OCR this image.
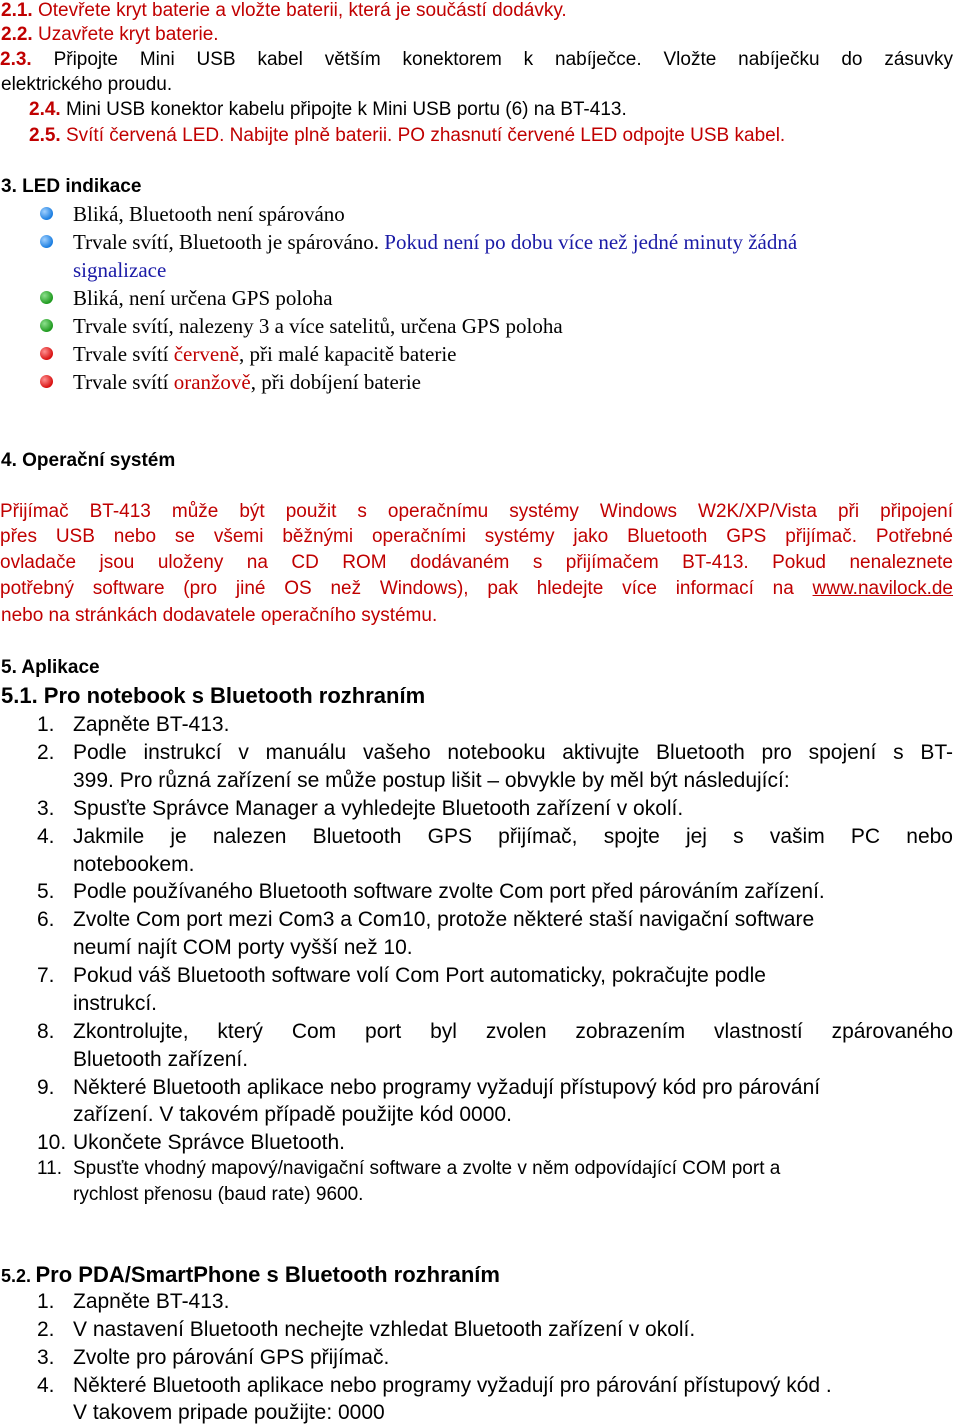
2.1. Otevřete kryt baterie a vložte baterii, která je součástí dodávky.
2.2. Uzavřete kryt baterie.
2.3. Připojte Mini USB kabel větším konektorem k nabíječce. Vložte nabíječku do zásuvky
elektrického proudu.
2.4. Mini USB konektor kabelu připojte k Mini USB portu (6) na BT-413.
2.5. Svítí červená LED. Nabijte plně baterii. PO zhasnutí červené LED odpojte USB kabel.
3. LED indikace
Bliká, Bluetooth není spárováno
Trvale svítí, Bluetooth je spárováno. Pokud není po dobu více než jedné minuty žádná
signalizace
Bliká, není určena GPS poloha
Trvale svítí, nalezeny 3 a více satelitů, určena GPS poloha
Trvale svítí červeně, při malé kapacitě baterie
Trvale svítí oranžově, při dobíjení baterie
4. Operační systém
Přijímač BT-413 může být použit s operačnímu systémy Windows W2K/XP/Vista při připojení
přes USB nebo se všemi běžnými operačními systémy jako Bluetooth GPS přijímač. Potřebné
ovladače jsou uloženy na CD ROM dodávaném s přijímačem BT-413. Pokud nenaleznete
potřebný software (pro jiné OS než Windows), pak hledejte více informací na www.navilock.de
nebo na stránkách dodavatele operačního systému.
5. Aplikace
5.1. Pro notebook s Bluetooth rozhraním
1. Zapněte BT-413.
2. Podle instrukcí v manuálu vašeho notebooku aktivujte Bluetooth pro spojení s BT-
399. Pro různá zařízení se může postup lišit – obvykle by měl být následující:
3. Spusťte Správce Manager a vyhledejte Bluetooth zařízení v okolí.
4. Jakmile je nalezen Bluetooth GPS přijímač, spojte jej s vašim PC nebo
notebookem.
5. Podle používaného Bluetooth software zvolte Com port před párováním zařízení.
6. Zvolte Com port mezi Com3 a Com10, protože některé staší navigační software
neumí najít COM porty vyšší než 10.
7. Pokud váš Bluetooth software volí Com Port automaticky, pokračujte podle
instrukcí.
8. Zkontrolujte, který Com port byl zvolen zobrazením vlastností zpárovaného
Bluetooth zařízení.
9. Některé Bluetooth aplikace nebo programy vyžadují přístupový kód pro párování
zařízení. V takovém případě použijte kód 0000.
10. Ukončete Správce Bluetooth.
11. Spusťte vhodný mapový/navigační software a zvolte v něm odpovídající COM port a
rychlost přenosu (baud rate) 9600.
5.2. Pro PDA/SmartPhone s Bluetooth rozhraním
1. Zapněte BT-413.
2. V nastavení Bluetooth nechejte vzhledat Bluetooth zařízení v okolí.
3. Zvolte pro párování GPS přijímač.
4. Některé Bluetooth aplikace nebo programy vyžadují pro párování přístupový kód .
V takovem pripade použijte: 0000
